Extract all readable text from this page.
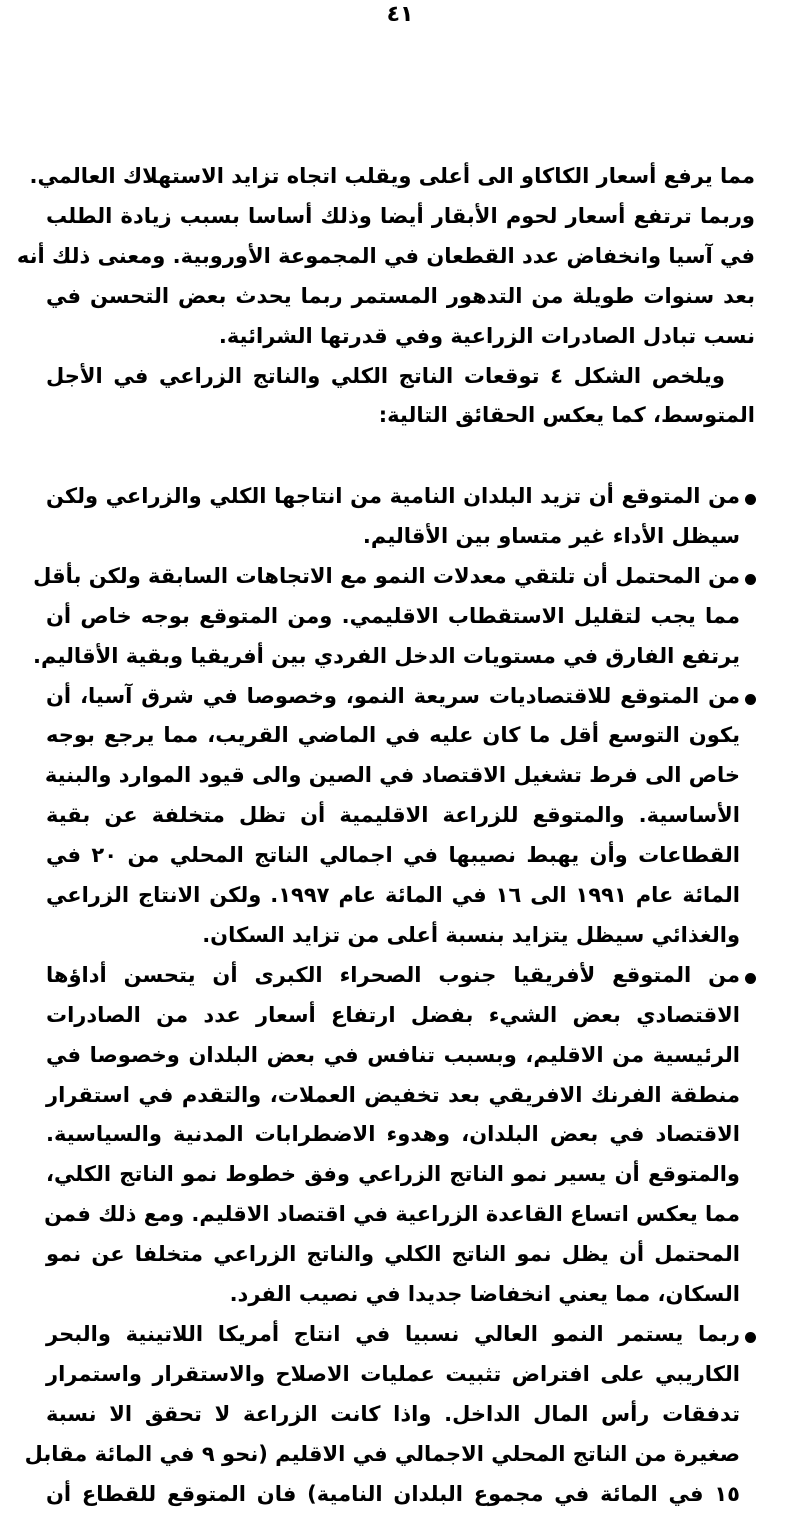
٤١
مما يرفع أسعار الكاكاو الى أعلى ويقلب اتجاه تزايد الاستهلاك العالمي.
وربما ترتفع أسعار لحوم الأبقار أيضا وذلك أساسا بسبب زيادة الطلب
في آسيا وانخفاض عدد القطعان في المجموعة الأوروبية. ومعنى ذلك أنه
بعد سنوات طويلة من التدهور المستمر ربما يحدث بعض التحسن في
نسب تبادل الصادرات الزراعية وفي قدرتها الشرائية.
ويلخص الشكل ٤ توقعات الناتج الكلي والناتج الزراعي في الأجل
المتوسط، كما يعكس الحقائق التالية:
من المتوقع أن تزيد البلدان النامية من انتاجها الكلي والزراعي ولكن
سيظل الأداء غير متساو بين الأقاليم.
من المحتمل أن تلتقي معدلات النمو مع الاتجاهات السابقة ولكن بأقل
مما يجب لتقليل الاستقطاب الاقليمي. ومن المتوقع بوجه خاص أن
يرتفع الفارق في مستويات الدخل الفردي بين أفريقيا وبقية الأقاليم.
من المتوقع للاقتصاديات سريعة النمو، وخصوصا في شرق آسيا، أن
يكون التوسع أقل ما كان عليه في الماضي القريب، مما يرجع بوجه
خاص الى فرط تشغيل الاقتصاد في الصين والى قيود الموارد والبنية
الأساسية. والمتوقع للزراعة الاقليمية أن تظل متخلفة عن بقية
القطاعات وأن يهبط نصيبها في اجمالي الناتج المحلي من ٢٠ في
المائة عام ١٩٩١ الى ١٦ في المائة عام ١٩٩٧. ولكن الانتاج الزراعي
والغذائي سيظل يتزايد بنسبة أعلى من تزايد السكان.
من المتوقع لأفريقيا جنوب الصحراء الكبرى أن يتحسن أداؤها
الاقتصادي بعض الشيء بفضل ارتفاع أسعار عدد من الصادرات
الرئيسية من الاقليم، وبسبب تنافس في بعض البلدان وخصوصا في
منطقة الفرنك الافريقي بعد تخفيض العملات، والتقدم في استقرار
الاقتصاد في بعض البلدان، وهدوء الاضطرابات المدنية والسياسية.
والمتوقع أن يسير نمو الناتج الزراعي وفق خطوط نمو الناتج الكلي،
مما يعكس اتساع القاعدة الزراعية في اقتصاد الاقليم. ومع ذلك فمن
المحتمل أن يظل نمو الناتج الكلي والناتج الزراعي متخلفا عن نمو
السكان، مما يعني انخفاضا جديدا في نصيب الفرد.
ربما يستمر النمو العالي نسبيا في انتاج أمريكا اللاتينية والبحر
الكاريبي على افتراض تثبيت عمليات الاصلاح والاستقرار واستمرار
تدفقات رأس المال الداخل. واذا كانت الزراعة لا تحقق الا نسبة
صغيرة من الناتج المحلي الاجمالي في الاقليم (نحو ٩ في المائة مقابل
١٥ في المائة في مجموع البلدان النامية) فان المتوقع للقطاع أن
